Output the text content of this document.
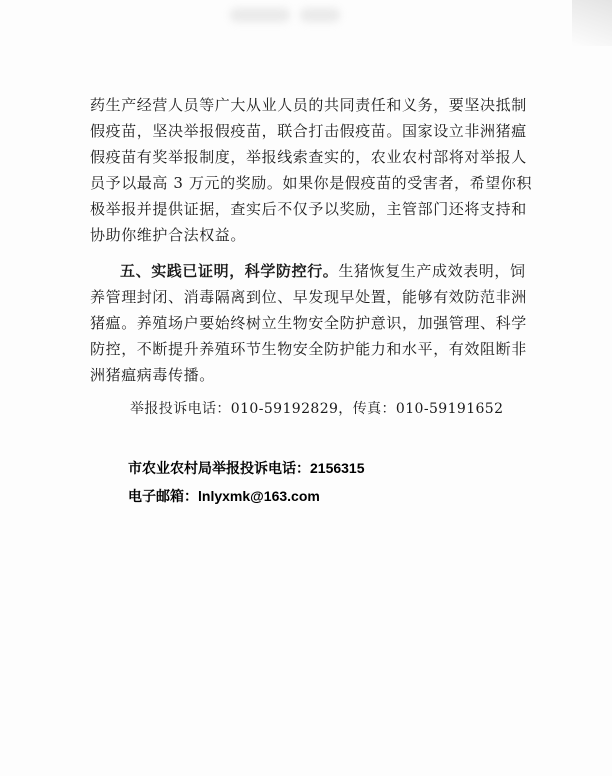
药生产经营人员等广大从业人员的共同责任和义务，要坚决抵制
假疫苗，坚决举报假疫苗，联合打击假疫苗。国家设立非洲猪瘟
假疫苗有奖举报制度，举报线索查实的，农业农村部将对举报人
员予以最高 3 万元的奖励。如果你是假疫苗的受害者，希望你积
极举报并提供证据，查实后不仅予以奖励，主管部门还将支持和
协助你维护合法权益。
五、实践已证明，科学防控行。生猪恢复生产成效表明，饲
养管理封闭、消毒隔离到位、早发现早处置，能够有效防范非洲
猪瘟。养殖场户要始终树立生物安全防护意识，加强管理、科学
防控，不断提升养殖环节生物安全防护能力和水平，有效阻断非
洲猪瘟病毒传播。
举报投诉电话：010-59192829，传真：010-59191652
市农业农村局举报投诉电话：2156315
电子邮箱：lnlyxmk@163.com
